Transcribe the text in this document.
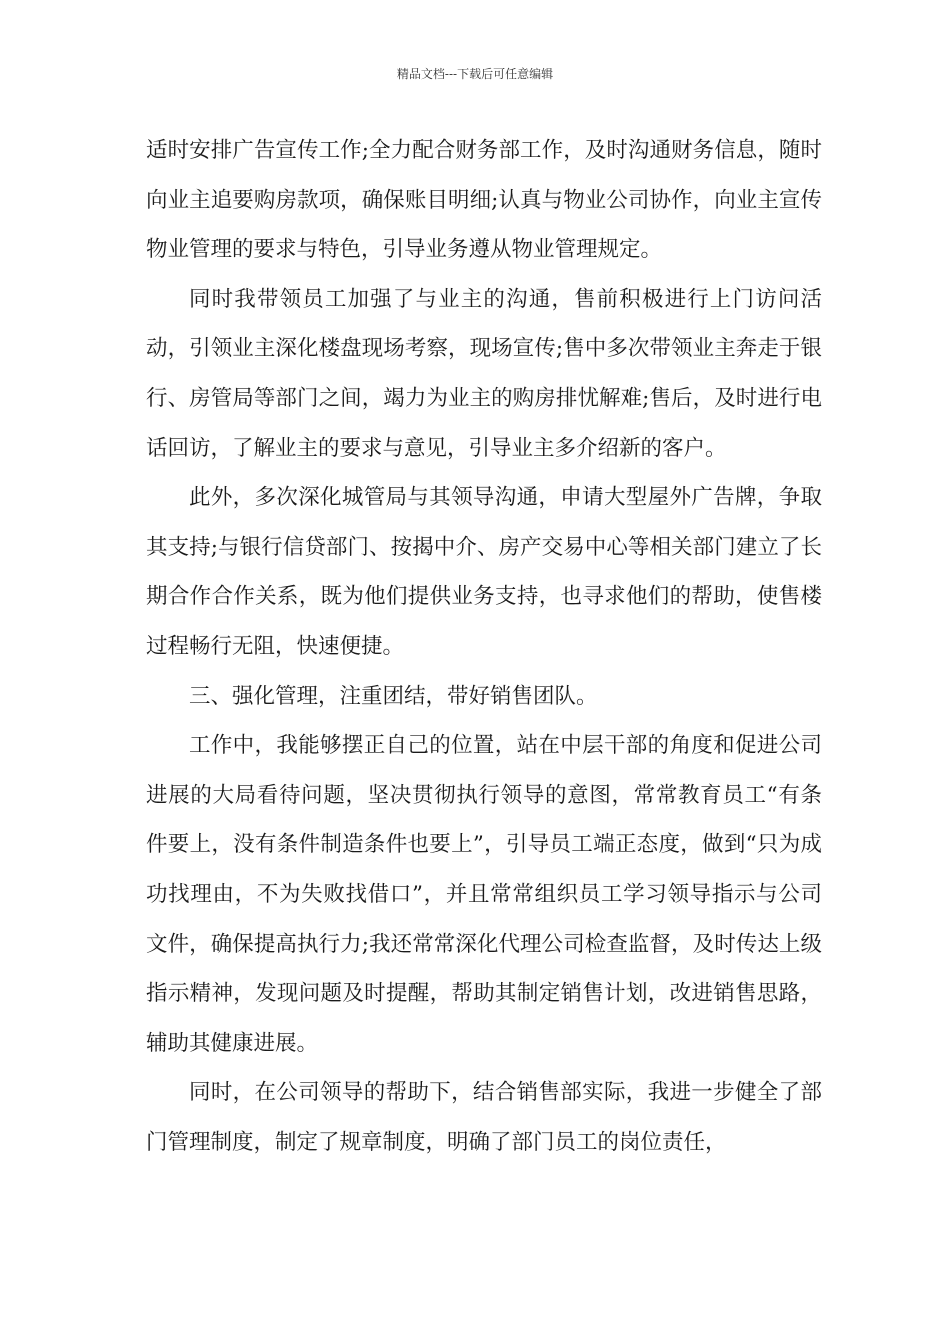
精品文档---下载后可任意编辑

适时安排广告宣传工作;全力配合财务部工作，及时沟通财务信息，随时向业主追要购房款项，确保账目明细;认真与物业公司协作，向业主宣传物业管理的要求与特色，引导业务遵从物业管理规定。

同时我带领员工加强了与业主的沟通，售前积极进行上门访问活动，引领业主深化楼盘现场考察，现场宣传;售中多次带领业主奔走于银行、房管局等部门之间，竭力为业主的购房排忧解难;售后，及时进行电话回访，了解业主的要求与意见，引导业主多介绍新的客户。

此外，多次深化城管局与其领导沟通，申请大型屋外广告牌，争取其支持;与银行信贷部门、按揭中介、房产交易中心等相关部门建立了长期合作合作关系，既为他们提供业务支持，也寻求他们的帮助，使售楼过程畅行无阻，快速便捷。

三、强化管理，注重团结，带好销售团队。

工作中，我能够摆正自己的位置，站在中层干部的角度和促进公司进展的大局看待问题，坚决贯彻执行领导的意图，常常教育员工“有条件要上，没有条件制造条件也要上”，引导员工端正态度，做到“只为成功找理由，不为失败找借口”，并且常常组织员工学习领导指示与公司文件，确保提高执行力;我还常常深化代理公司检查监督，及时传达上级指示精神，发现问题及时提醒，帮助其制定销售计划，改进销售思路，辅助其健康进展。

同时，在公司领导的帮助下，结合销售部实际，我进一步健全了部门管理制度，制定了规章制度，明确了部门员工的岗位责任，
